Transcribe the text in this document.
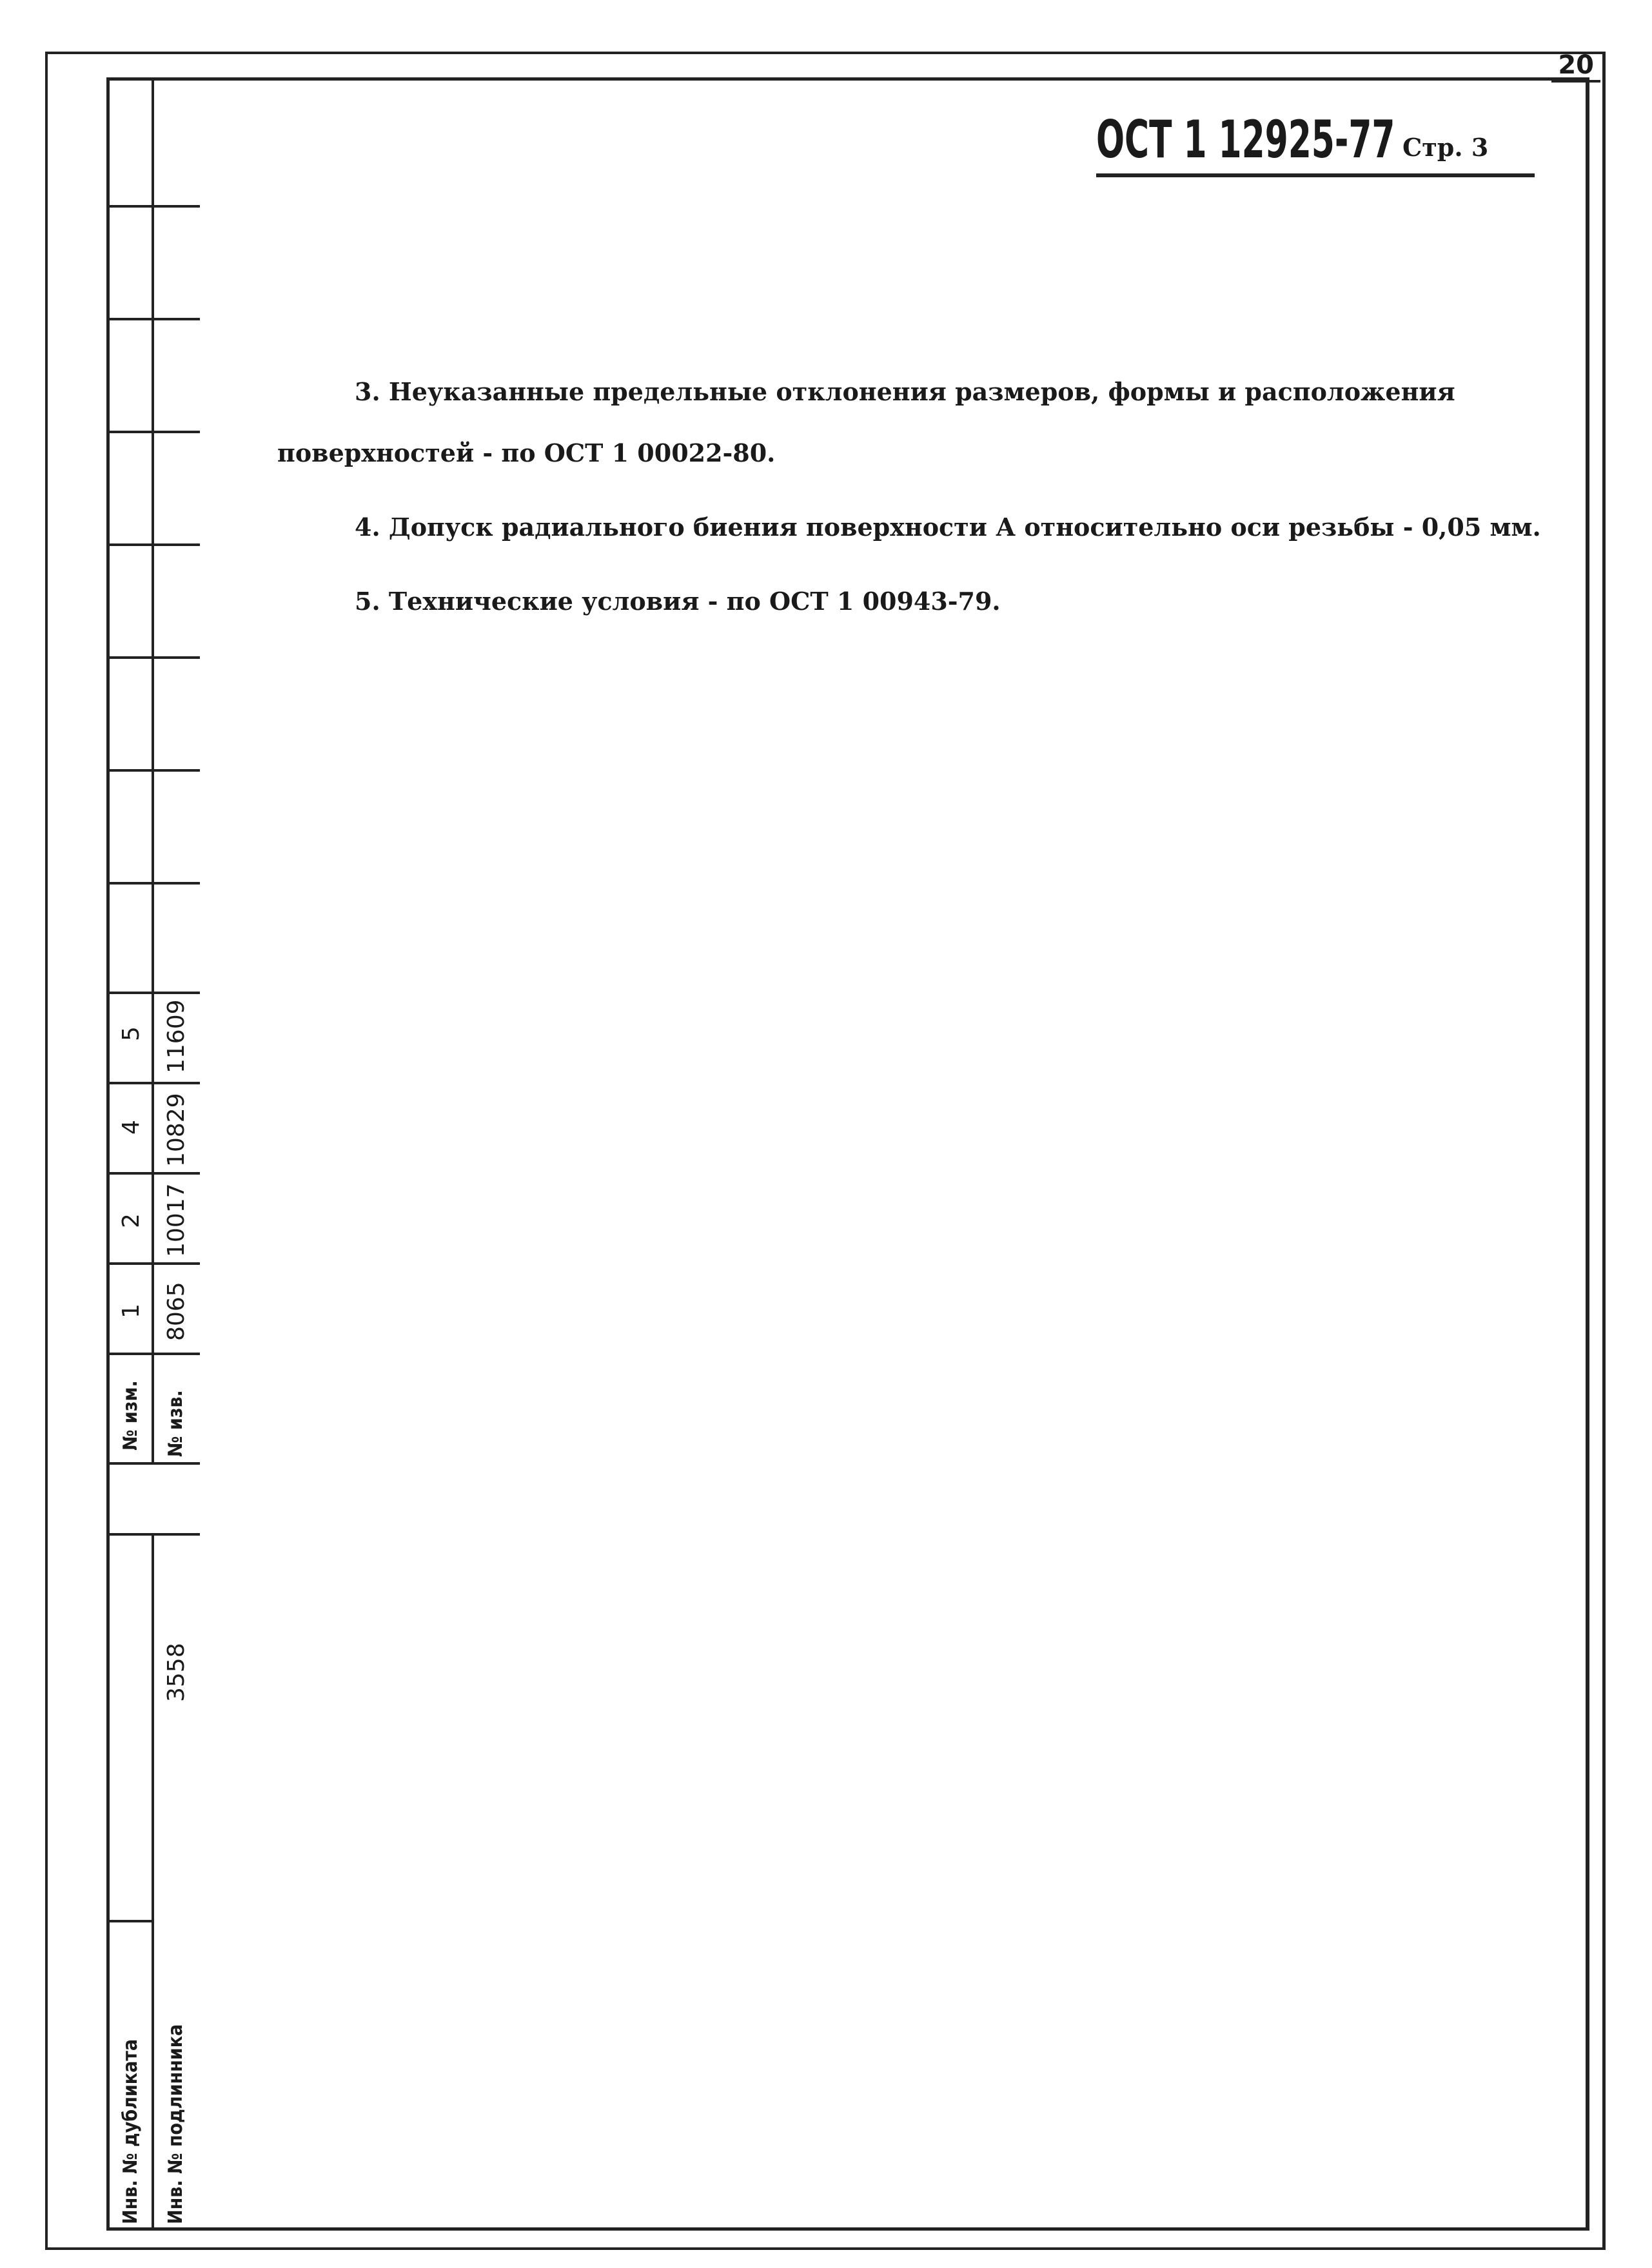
20
ОСТ 1 12925-77 Стр. 3

3. Неуказанные предельные отклонения размеров, формы и расположения поверхностей - по ОСТ 1 00022-80.

4. Допуск радиального биения поверхности А относительно оси резьбы - 0,05 мм.

5. Технические условия - по ОСТ 1 00943-79.

5
4
2
1
№ изм.
11609
10829
10017
8065
№ изв.
3558
Инв. № дубликата Инв. № подлинника
